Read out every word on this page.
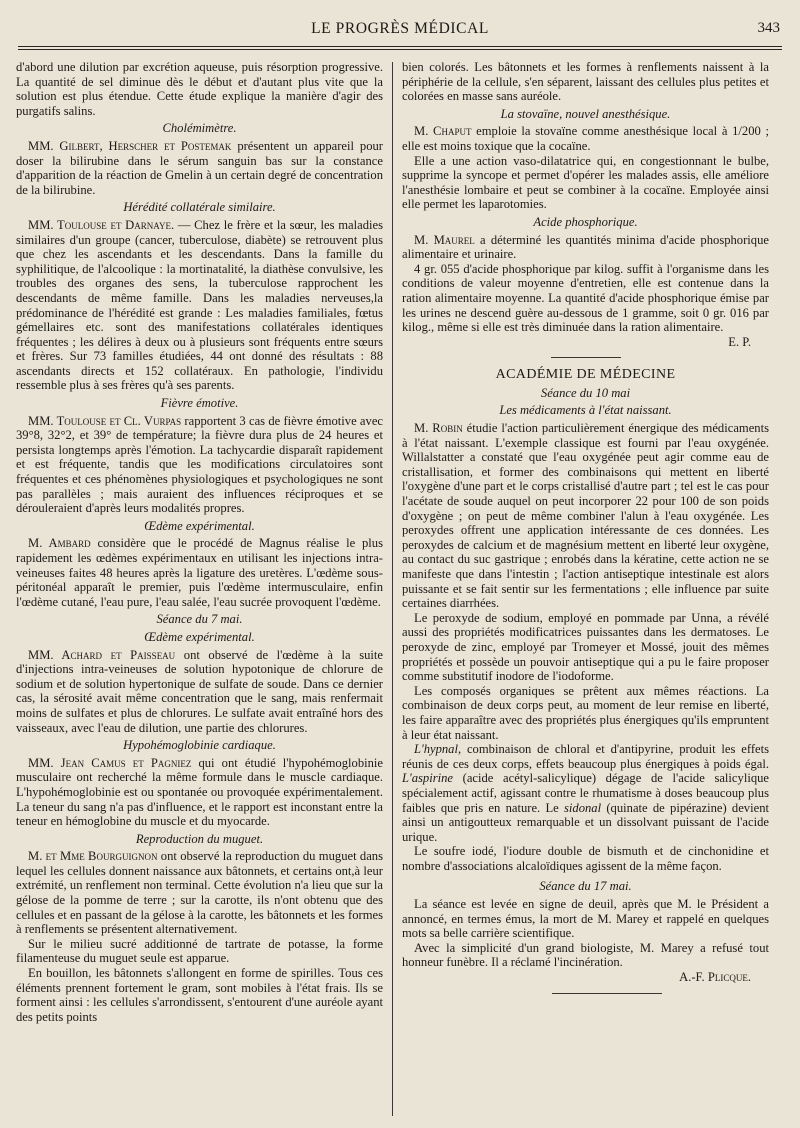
LE PROGRÈS MÉDICAL	343

d'abord une dilution par excrétion aqueuse, puis résorption progressive. La quantité de sel diminue dès le début et d'autant plus vite que la solution est plus étendue. Cette étude explique la manière d'agir des purgatifs salins.

Cholémimètre.

MM. Gilbert, Herscher et Postemak présentent un appareil pour doser la bilirubine dans le sérum sanguin bas sur la constance d'apparition de la réaction de Gmelin à un certain degré de concentration de la bilirubine.

Hérédité collatérale similaire.

MM. Toulouse et Darnaye. — Chez le frère et la sœur, les maladies similaires d'un groupe (cancer, tuberculose, diabète) se retrouvent plus que chez les ascendants et les descendants. Dans la famille du syphilitique, de l'alcoolique : la mortinatalité, la diathèse convulsive, les troubles des organes des sens, la tuberculose rapprochent les descendants de même famille. Dans les maladies nerveuses,la prédominance de l'hérédité est grande : Les maladies familiales, fœtus gémellaires etc. sont des manifestations collatérales identiques fréquentes ; les délires à deux ou à plusieurs sont fréquents entre sœurs et frères. Sur 73 familles étudiées, 44 ont donné des résultats : 88 ascendants directs et 152 collatéraux. En pathologie, l'individu ressemble plus à ses frères qu'à ses parents.

Fièvre émotive.

MM. Toulouse et Cl. Vurpas rapportent 3 cas de fièvre émotive avec 39°8, 32°2, et 39° de température; la fièvre dura plus de 24 heures et persista longtemps après l'émotion. La tachycardie disparaît rapidement et est fréquente, tandis que les modifications circulatoires sont fréquentes et ces phénomènes physiologiques et psychologiques ne sont pas parallèles ; mais auraient des influences réciproques et se dérouleraient d'après leurs modalités propres.

Œdème expérimental.

M. Ambard considère que le procédé de Magnus réalise le plus rapidement les œdèmes expérimentaux en utilisant les injections intra-veineuses faites 48 heures après la ligature des uretères. L'œdème sous-péritonéal apparaît le premier, puis l'œdème intermusculaire, enfin l'œdème cutané, l'eau pure, l'eau salée, l'eau sucrée provoquent l'œdème.

Séance du 7 mai.
Œdème expérimental.

MM. Achard et Paisseau ont observé de l'œdème à la suite d'injections intra-veineuses de solution hypotonique de chlorure de sodium et de solution hypertonique de sulfate de soude. Dans ce dernier cas, la sérosité avait même concentration que le sang, mais renfermait moins de sulfates et plus de chlorures. Le sulfate avait entraîné hors des vaisseaux, avec l'eau de dilution, une partie des chlorures.

Hypohémoglobinie cardiaque.

MM. Jean Camus et Pagniez qui ont étudié l'hypohémoglobinie musculaire ont recherché la même formule dans le muscle cardiaque. L'hypohémoglobinie est ou spontanée ou provoquée expérimentalement. La teneur du sang n'a pas d'influence, et le rapport est inconstant entre la teneur en hémoglobine du muscle et du myocarde.

Reproduction du muguet.

M. et Mme Bourguignon ont observé la reproduction du muguet dans lequel les cellules donnent naissance aux bâtonnets, et certains ont,à leur extrémité, un renflement non terminal. Cette évolution n'a lieu que sur la gélose de la pomme de terre ; sur la carotte, ils n'ont obtenu que des cellules et en passant de la gélose à la carotte, les bâtonnets et les formes à renflements se présentent alternativement.

Sur le milieu sucré additionné de tartrate de potasse, la forme filamenteuse du muguet seule est apparue.

En bouillon, les bâtonnets s'allongent en forme de spirilles. Tous ces éléments prennent fortement le gram, sont mobiles à l'état frais. Ils se forment ainsi : les cellules s'arrondissent, s'entourent d'une auréole ayant des petits points

bien colorés. Les bâtonnets et les formes à renflements naissent à la périphérie de la cellule, s'en séparent, laissant des cellules plus petites et colorées en masse sans auréole.

La stovaïne, nouvel anesthésique.

M. Chaput emploie la stovaïne comme anesthésique local à 1/200 ; elle est moins toxique que la cocaïne.

Elle a une action vaso-dilatatrice qui, en congestionnant le bulbe, supprime la syncope et permet d'opérer les malades assis, elle améliore l'anesthésie lombaire et peut se combiner à la cocaïne. Employée ainsi elle permet les laparotomies.

Acide phosphorique.

M. Maurel a déterminé les quantités minima d'acide phosphorique alimentaire et urinaire.

4 gr. 055 d'acide phosphorique par kilog. suffit à l'organisme dans les conditions de valeur moyenne d'entretien, elle est contenue dans la ration alimentaire moyenne. La quantité d'acide phosphorique émise par les urines ne descend guère au-dessous de 1 gramme, soit 0 gr. 016 par kilog., même si elle est très diminuée dans la ration alimentaire.

E. P.
ACADÉMIE DE MÉDECINE
Séance du 10 mai
Les médicaments à l'état naissant.

M. Robin étudie l'action particulièrement énergique des médicaments à l'état naissant. L'exemple classique est fourni par l'eau oxygénée. Willalstatter a constaté que l'eau oxygénée peut agir comme eau de cristallisation, et former des combinaisons qui mettent en liberté l'oxygène d'une part et le corps cristallisé d'autre part ; tel est le cas pour l'acétate de soude auquel on peut incorporer 22 pour 100 de son poids d'oxygène ; on peut de même combiner l'alun à l'eau oxygénée. Les peroxydes offrent une application intéressante de ces données. Les peroxydes de calcium et de magnésium mettent en liberté leur oxygène, au contact du suc gastrique ; enrobés dans la kératine, cette action ne se manifeste que dans l'intestin ; l'action antiseptique intestinale est alors puissante et se fait sentir sur les fermentations ; elle influence par suite certaines diarrhées.

Le peroxyde de sodium, employé en pommade par Unna, a révélé aussi des propriétés modificatrices puissantes dans les dermatoses. Le peroxyde de zinc, employé par Tromeyer et Mossé, jouit des mêmes propriétés et possède un pouvoir antiseptique qui a pu le faire proposer comme substitutif inodore de l'iodoforme.

Les composés organiques se prêtent aux mêmes réactions. La combinaison de deux corps peut, au moment de leur remise en liberté, les faire apparaître avec des propriétés plus énergiques qu'ils empruntent à leur état naissant.

L'hypnal, combinaison de chloral et d'antipyrine, produit les effets réunis de ces deux corps, effets beaucoup plus énergiques à poids égal. L'aspirine (acide acétyl-salicylique) dégage de l'acide salicylique spécialement actif, agissant contre le rhumatisme à doses beaucoup plus faibles que pris en nature. Le sidonal (quinate de pipérazine) devient ainsi un antigoutteux remarquable et un dissolvant puissant de l'acide urique.

Le soufre iodé, l'iodure double de bismuth et de cinchonidine et nombre d'associations alcaloïdiques agissent de la même façon.

Séance du 17 mai.

La séance est levée en signe de deuil, après que M. le Président a annoncé, en termes émus, la mort de M. Marey et rappelé en quelques mots sa belle carrière scientifique.

Avec la simplicité d'un grand biologiste, M. Marey a refusé tout honneur funèbre. Il a réclamé l'incinération.

A.-F. Plicque.
